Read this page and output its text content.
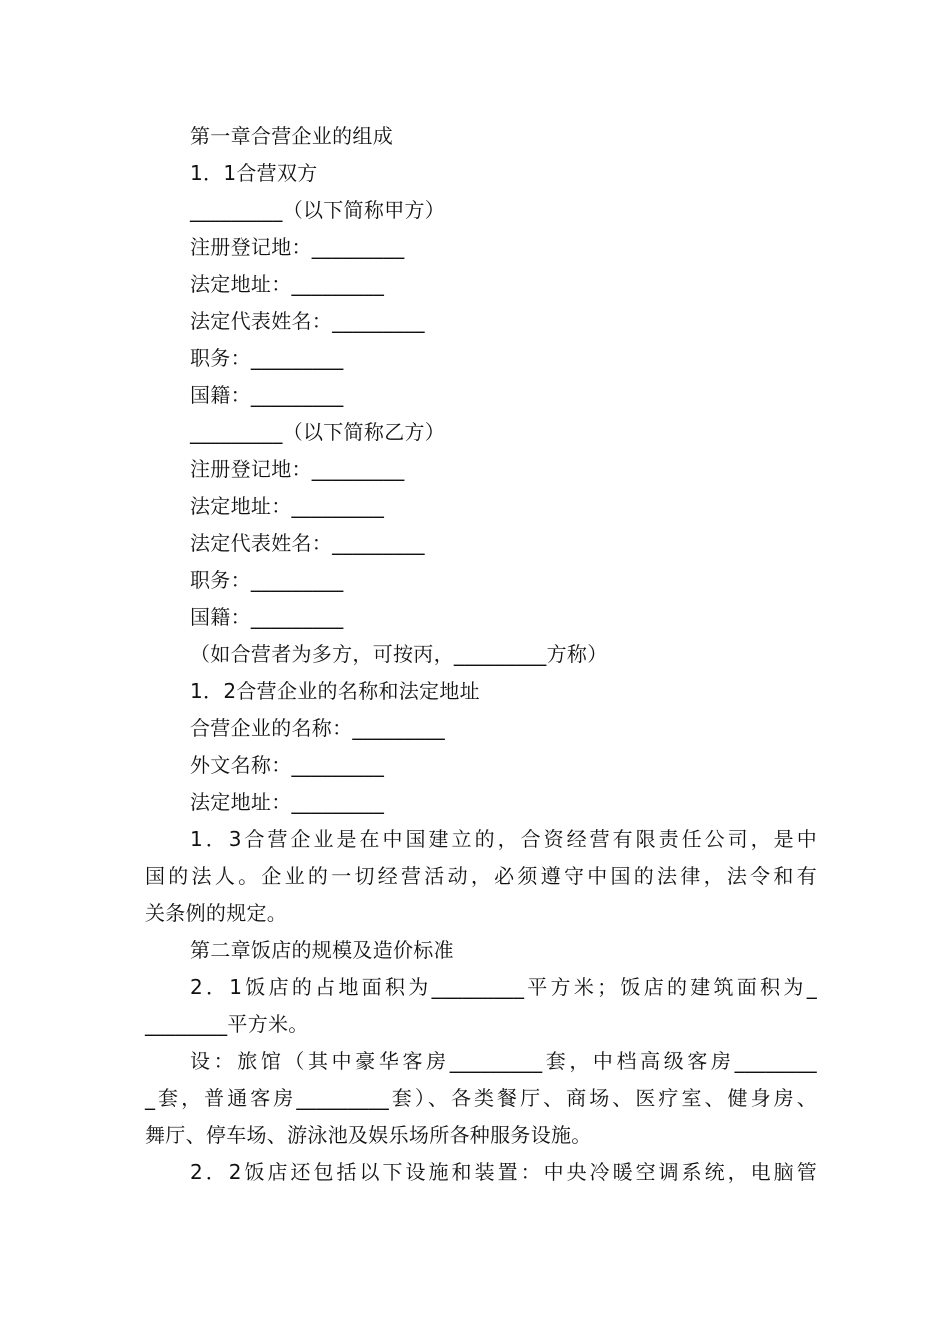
第一章合营企业的组成
1．1合营双方
_________（以下简称甲方）
注册登记地：_________
法定地址：_________
法定代表姓名：_________
职务：_________
国籍：_________
_________（以下简称乙方）
注册登记地：_________
法定地址：_________
法定代表姓名：_________
职务：_________
国籍：_________
（如合营者为多方，可按丙，_________方称）
1．2合营企业的名称和法定地址
合营企业的名称：_________
外文名称：_________
法定地址：_________
1．3合营企业是在中国建立的，合资经营有限责任公司，是中
国的法人。企业的一切经营活动，必须遵守中国的法律，法令和有
关条例的规定。
第二章饭店的规模及造价标准
2．1饭店的占地面积为_________平方米；饭店的建筑面积为_
________平方米。
设：旅馆（其中豪华客房_________套，中档高级客房________
_套，普通客房_________套）、各类餐厅、商场、医疗室、健身房、
舞厅、停车场、游泳池及娱乐场所各种服务设施。
2．2饭店还包括以下设施和装置：中央冷暖空调系统，电脑管
